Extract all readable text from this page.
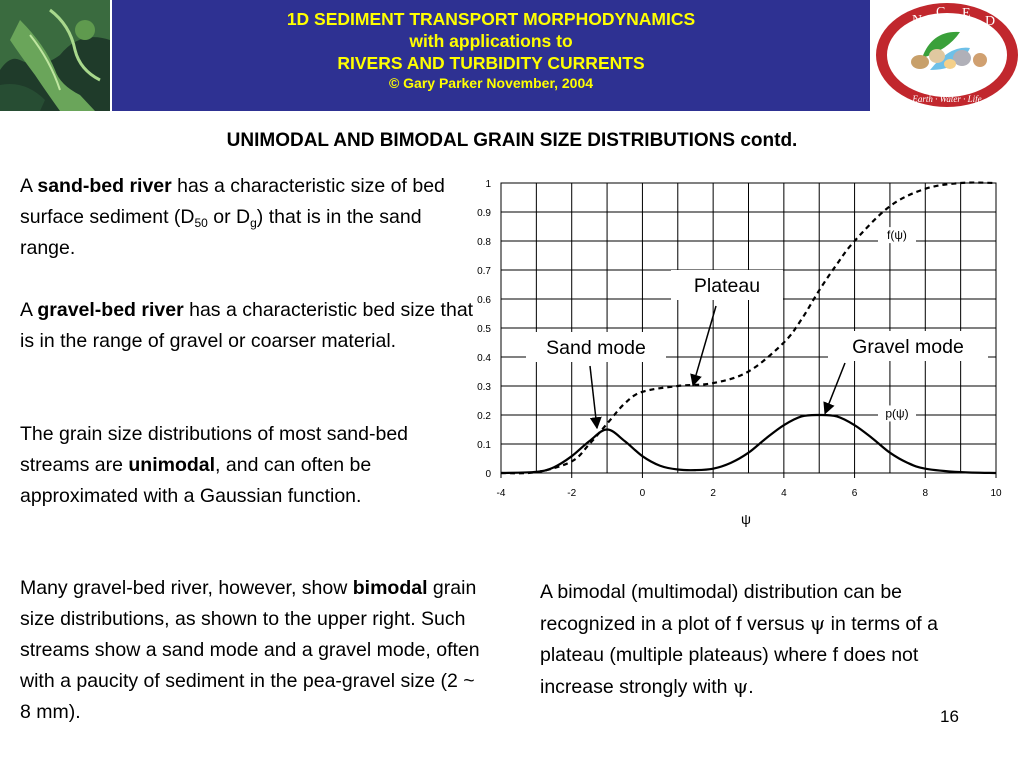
1D SEDIMENT TRANSPORT MORPHODYNAMICS
with applications to
RIVERS AND TURBIDITY CURRENTS
© Gary Parker November, 2004
N
C E
D
Earth · Water · Life
UNIMODAL AND BIMODAL GRAIN SIZE DISTRIBUTIONS contd.
A sand-bed river has a characteristic size of bed surface sediment ($D_{50}$ or $D_g$) that is in the sand range.
A gravel-bed river has a characteristic bed size that is in the range of gravel or coarser material.
The grain size distributions of most sand-bed streams are unimodal, and can often be approximated with a Gaussian function.
Many gravel-bed river, however, show bimodal grain size distributions, as shown to the upper right. Such streams show a sand mode and a gravel mode, often with a paucity of sediment in the pea-gravel size (2 ~ 8 mm).
A bimodal (multimodal) distribution can be recognized in a plot of f versus ψ in terms of a plateau (multiple plateaus) where f does not increase strongly with ψ.
16
0
0.1
0.2
0.3
0.4
0.5
0.6
0.7
0.8
0.9
1
-4	-2	0	2	4	6	8	10
f(ψ)
p(ψ)
Plateau
Sand mode	Gravel mode
ψ
